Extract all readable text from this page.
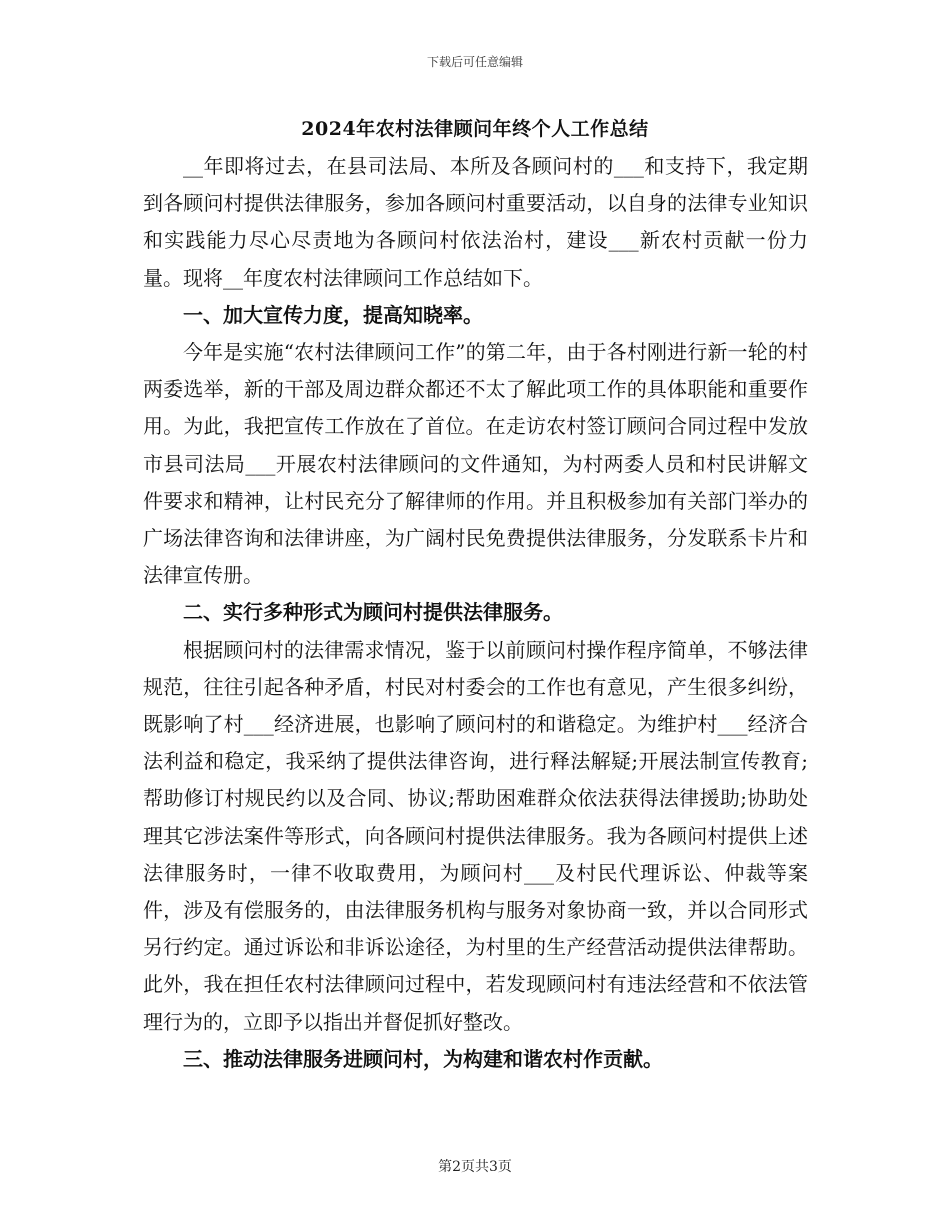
下载后可任意编辑
2024年农村法律顾问年终个人工作总结

__年即将过去，在县司法局、本所及各顾问村的___和支持下，我定期到各顾问村提供法律服务，参加各顾问村重要活动，以自身的法律专业知识和实践能力尽心尽责地为各顾问村依法治村，建设___新农村贡献一份力量。现将__年度农村法律顾问工作总结如下。

一、加大宣传力度，提高知晓率。

今年是实施“农村法律顾问工作”的第二年，由于各村刚进行新一轮的村两委选举，新的干部及周边群众都还不太了解此项工作的具体职能和重要作用。为此，我把宣传工作放在了首位。在走访农村签订顾问合同过程中发放市县司法局___开展农村法律顾问的文件通知，为村两委人员和村民讲解文件要求和精神，让村民充分了解律师的作用。并且积极参加有关部门举办的广场法律咨询和法律讲座，为广阔村民免费提供法律服务，分发联系卡片和法律宣传册。

二、实行多种形式为顾问村提供法律服务。

根据顾问村的法律需求情况，鉴于以前顾问村操作程序简单，不够法律规范，往往引起各种矛盾，村民对村委会的工作也有意见，产生很多纠纷，既影响了村___经济进展，也影响了顾问村的和谐稳定。为维护村___经济合法利益和稳定，我采纳了提供法律咨询，进行释法解疑;开展法制宣传教育;帮助修订村规民约以及合同、协议;帮助困难群众依法获得法律援助;协助处理其它涉法案件等形式，向各顾问村提供法律服务。我为各顾问村提供上述法律服务时，一律不收取费用，为顾问村___及村民代理诉讼、仲裁等案件，涉及有偿服务的，由法律服务机构与服务对象协商一致，并以合同形式另行约定。通过诉讼和非诉讼途径，为村里的生产经营活动提供法律帮助。此外，我在担任农村法律顾问过程中，若发现顾问村有违法经营和不依法管理行为的，立即予以指出并督促抓好整改。

三、推动法律服务进顾问村，为构建和谐农村作贡献。

第2页共3页
